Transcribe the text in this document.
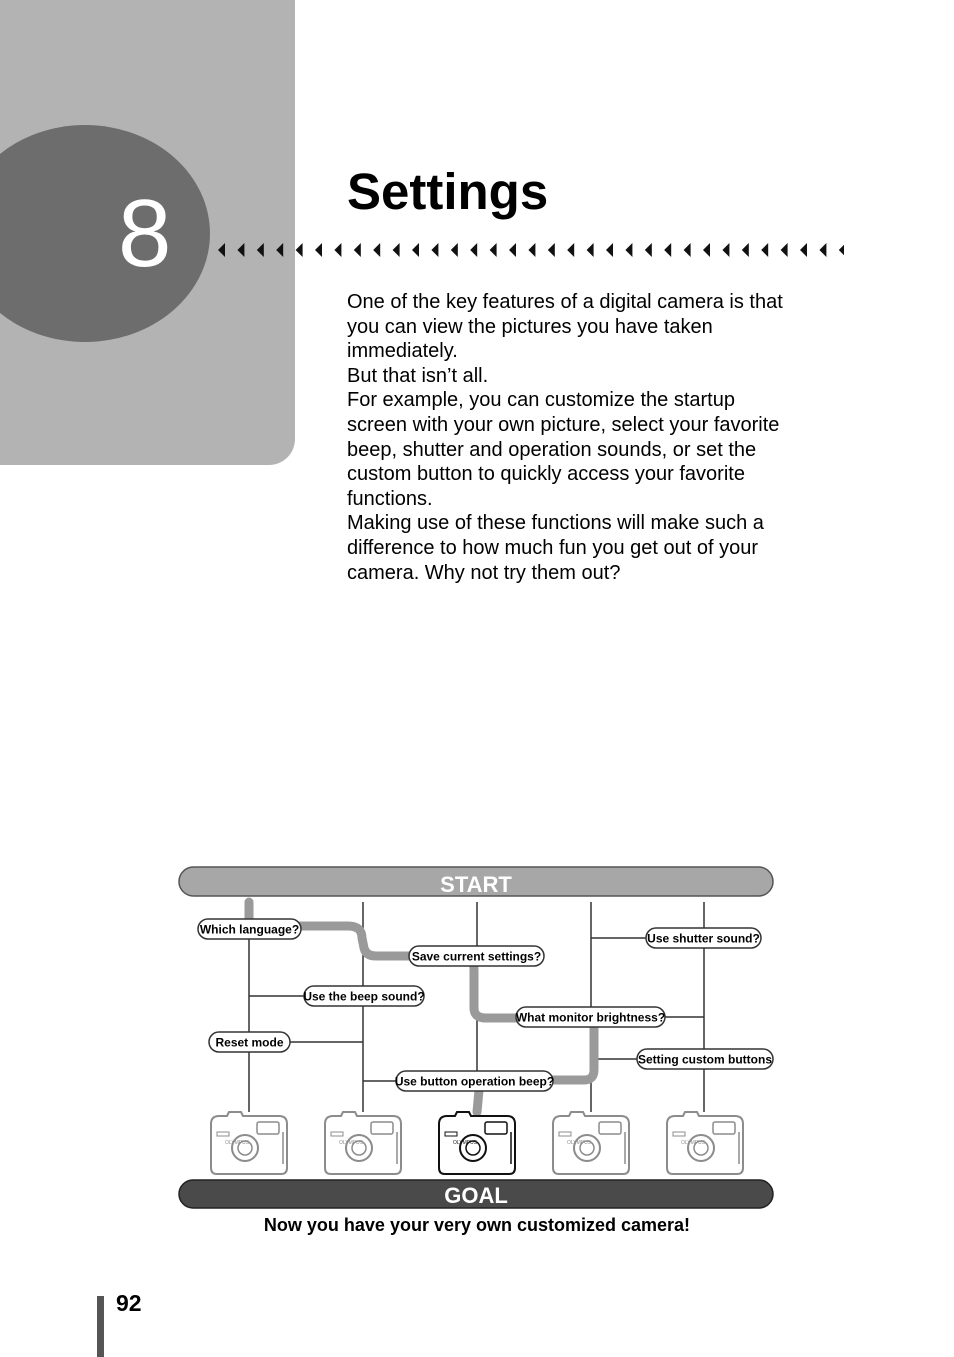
8	Settings

One of the key features of a digital camera is that you can view the pictures you have taken immediately.

But that isn’t all.

For example, you can customize the startup screen with your own picture, select your favorite beep, shutter and operation sounds, or set the custom button to quickly access your favorite functions.

Making use of these functions will make such a difference to how much fun you get out of your camera. Why not try them out?

START
Which language?
Save current settings?
Use shutter sound?
Use the beep sound?
What monitor brightness?
Reset mode
Setting custom buttons
Use button operation beep?
OLYMPUS	OLYMPUS	OLYMPUS	OLYMPUS	OLYMPUS
GOAL
Now you have your very own customized camera!
92
